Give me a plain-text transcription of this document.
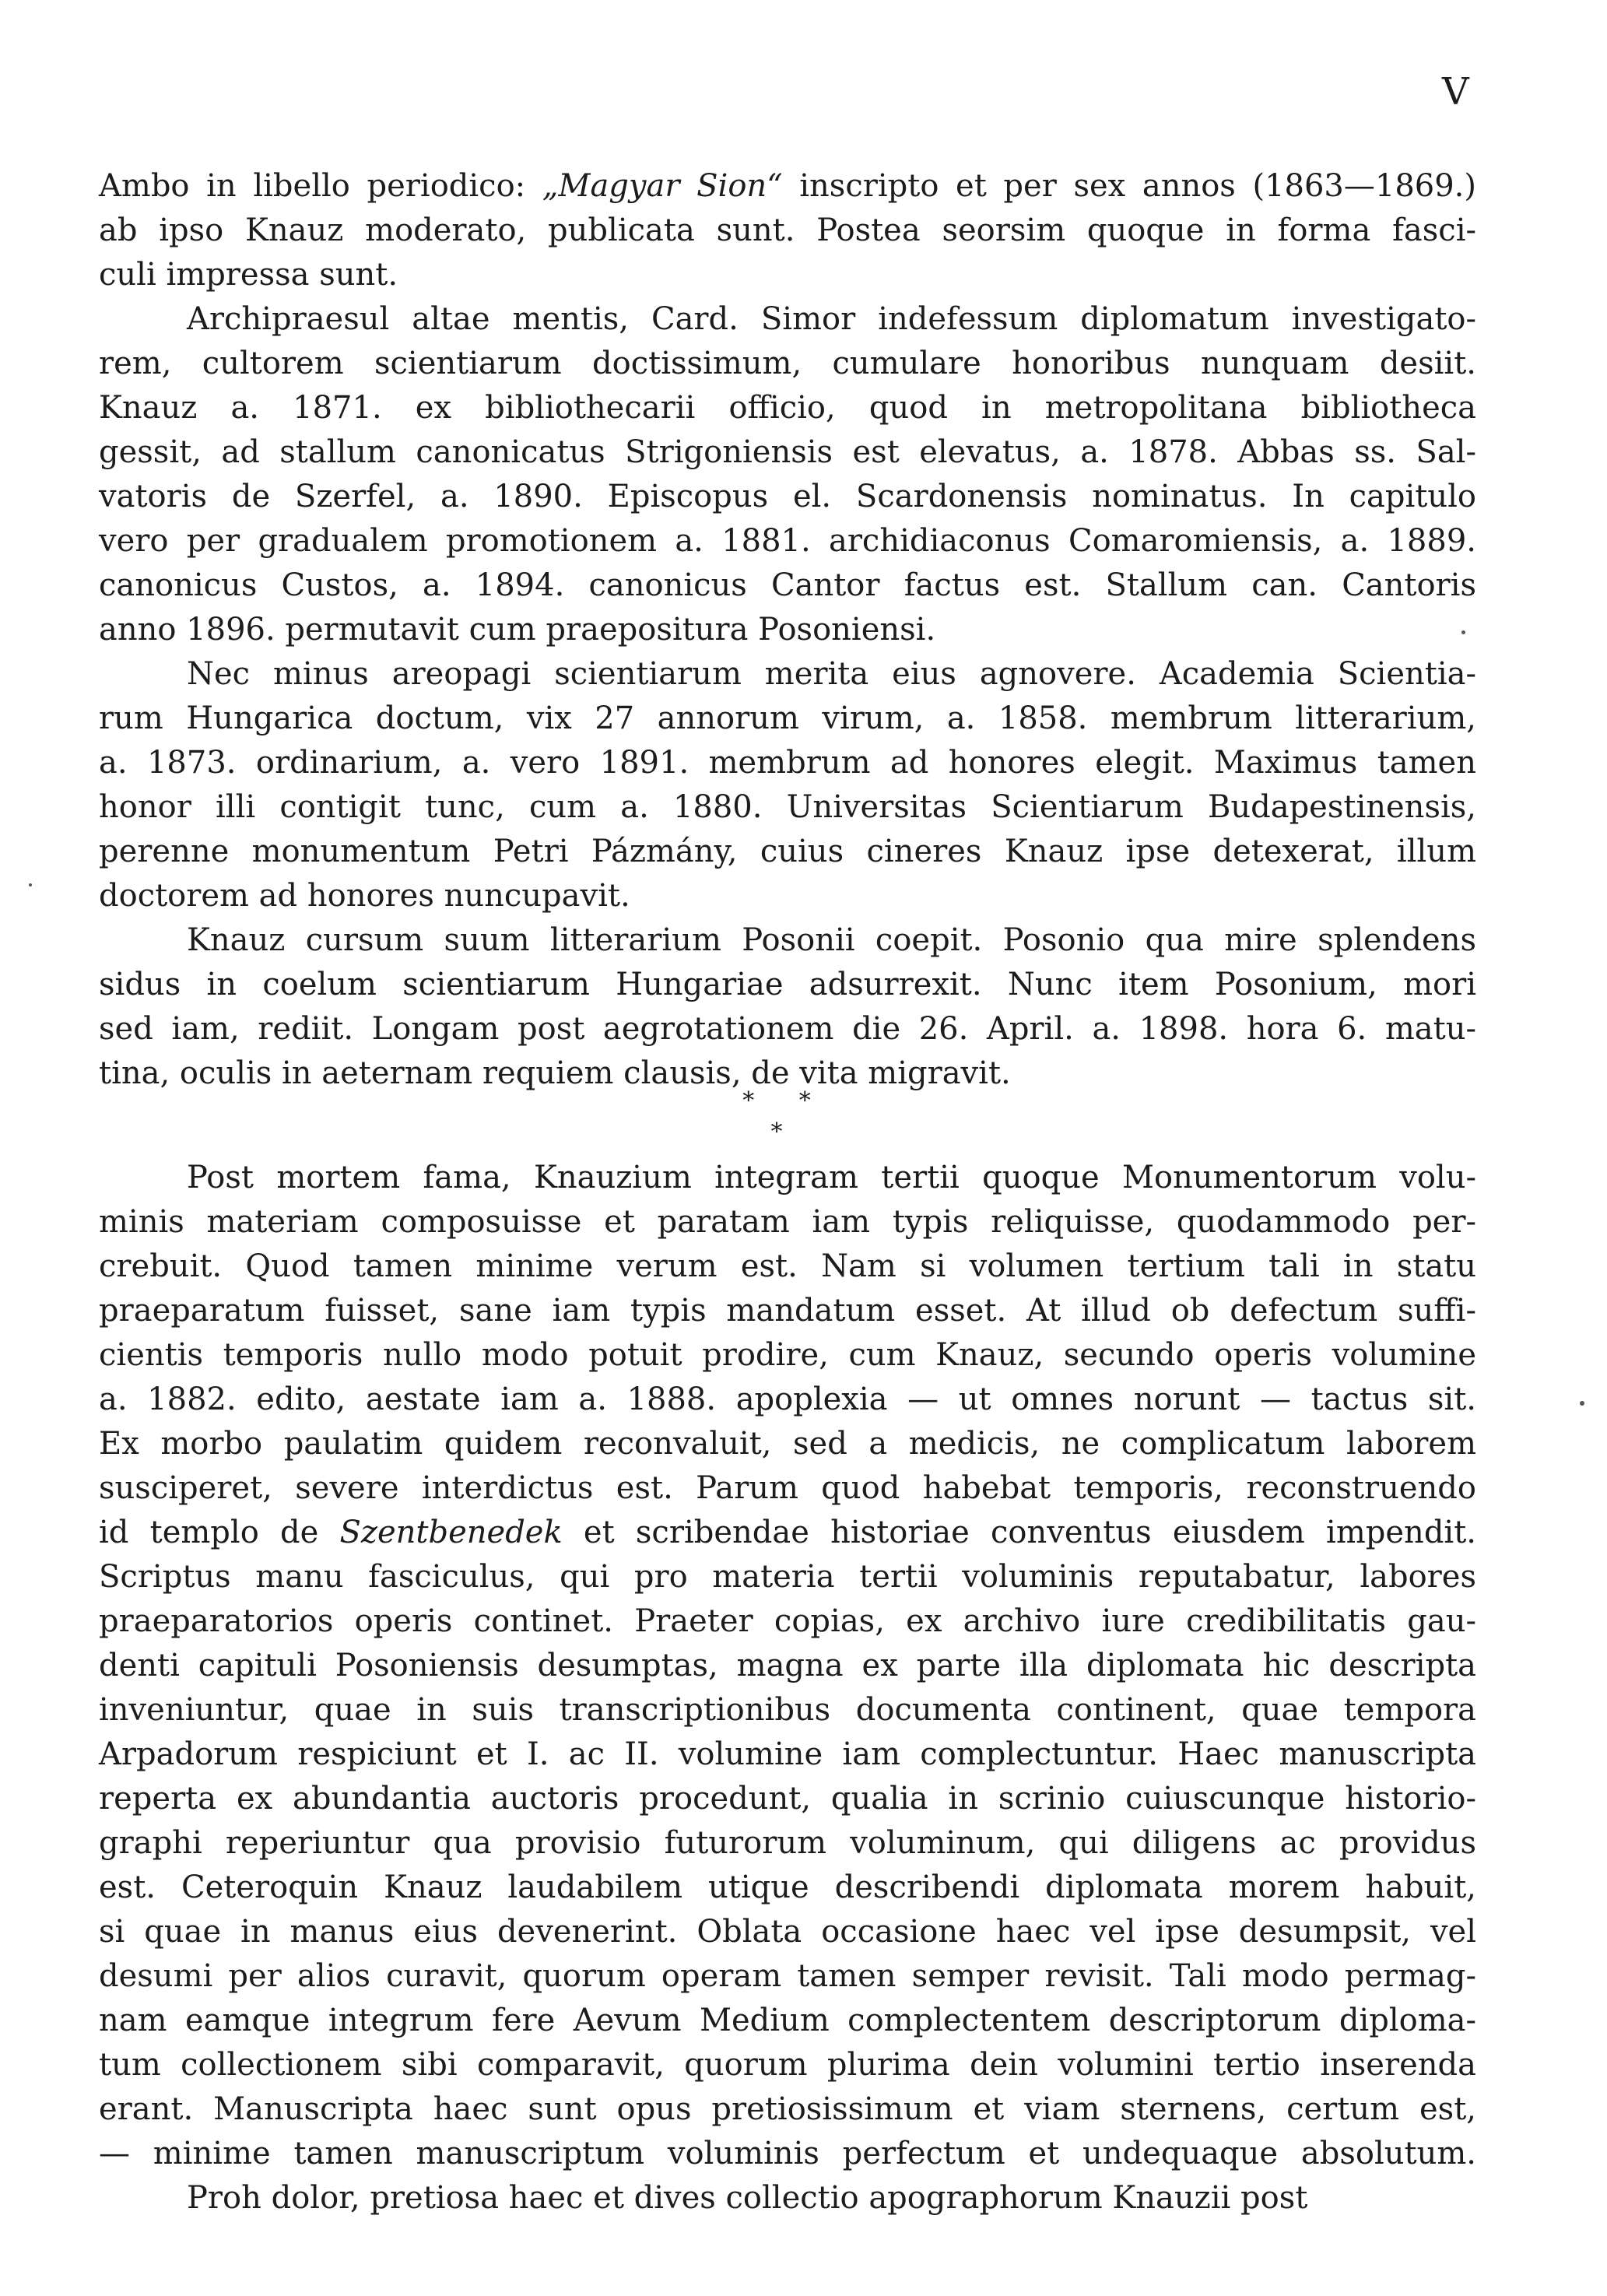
V
Ambo in libello periodico: „Magyar Sion“ inscripto et per sex annos (1863—1869.)
ab ipso Knauz moderato, publicata sunt. Postea seorsim quoque in forma fasci-
culi impressa sunt.
Archipraesul altae mentis, Card. Simor indefessum diplomatum investigato-
rem, cultorem scientiarum doctissimum, cumulare honoribus nunquam desiit.
Knauz a. 1871. ex bibliothecarii officio, quod in metropolitana bibliotheca
gessit, ad stallum canonicatus Strigoniensis est elevatus, a. 1878. Abbas ss. Sal-
vatoris de Szerfel, a. 1890. Episcopus el. Scardonensis nominatus. In capitulo
vero per gradualem promotionem a. 1881. archidiaconus Comaromiensis, a. 1889.
canonicus Custos, a. 1894. canonicus Cantor factus est. Stallum can. Cantoris
anno 1896. permutavit cum praepositura Posoniensi.
Nec minus areopagi scientiarum merita eius agnovere. Academia Scientia-
rum Hungarica doctum, vix 27 annorum virum, a. 1858. membrum litterarium,
a. 1873. ordinarium, a. vero 1891. membrum ad honores elegit. Maximus tamen
honor illi contigit tunc, cum a. 1880. Universitas Scientiarum Budapestinensis,
perenne monumentum Petri Pázmány, cuius cineres Knauz ipse detexerat, illum
doctorem ad honores nuncupavit.
Knauz cursum suum litterarium Posonii coepit. Posonio qua mire splendens
sidus in coelum scientiarum Hungariae adsurrexit. Nunc item Posonium, mori
sed iam, rediit. Longam post aegrotationem die 26. April. a. 1898. hora 6. matu-
tina, oculis in aeternam requiem clausis, de vita migravit.
* * *
Post mortem fama, Knauzium integram tertii quoque Monumentorum volu-
minis materiam composuisse et paratam iam typis reliquisse, quodammodo per-
crebuit. Quod tamen minime verum est. Nam si volumen tertium tali in statu
praeparatum fuisset, sane iam typis mandatum esset. At illud ob defectum suffi-
cientis temporis nullo modo potuit prodire, cum Knauz, secundo operis volumine
a. 1882. edito, aestate iam a. 1888. apoplexia — ut omnes norunt — tactus sit.
Ex morbo paulatim quidem reconvaluit, sed a medicis, ne complicatum laborem
susciperet, severe interdictus est. Parum quod habebat temporis, reconstruendo
id templo de Szentbenedek et scribendae historiae conventus eiusdem impendit.
Scriptus manu fasciculus, qui pro materia tertii voluminis reputabatur, labores
praeparatorios operis continet. Praeter copias, ex archivo iure credibilitatis gau-
denti capituli Posoniensis desumptas, magna ex parte illa diplomata hic descripta
inveniuntur, quae in suis transcriptionibus documenta continent, quae tempora
Arpadorum respiciunt et I. ac II. volumine iam complectuntur. Haec manuscripta
reperta ex abundantia auctoris procedunt, qualia in scrinio cuiuscunque historio-
graphi reperiuntur qua provisio futurorum voluminum, qui diligens ac providus
est. Ceteroquin Knauz laudabilem utique describendi diplomata morem habuit,
si quae in manus eius devenerint. Oblata occasione haec vel ipse desumpsit, vel
desumi per alios curavit, quorum operam tamen semper revisit. Tali modo permag-
nam eamque integrum fere Aevum Medium complectentem descriptorum diploma-
tum collectionem sibi comparavit, quorum plurima dein volumini tertio inserenda
erant. Manuscripta haec sunt opus pretiosissimum et viam sternens, certum est,
— minime tamen manuscriptum voluminis perfectum et undequaque absolutum.
Proh dolor, pretiosa haec et dives collectio apographorum Knauzii post
